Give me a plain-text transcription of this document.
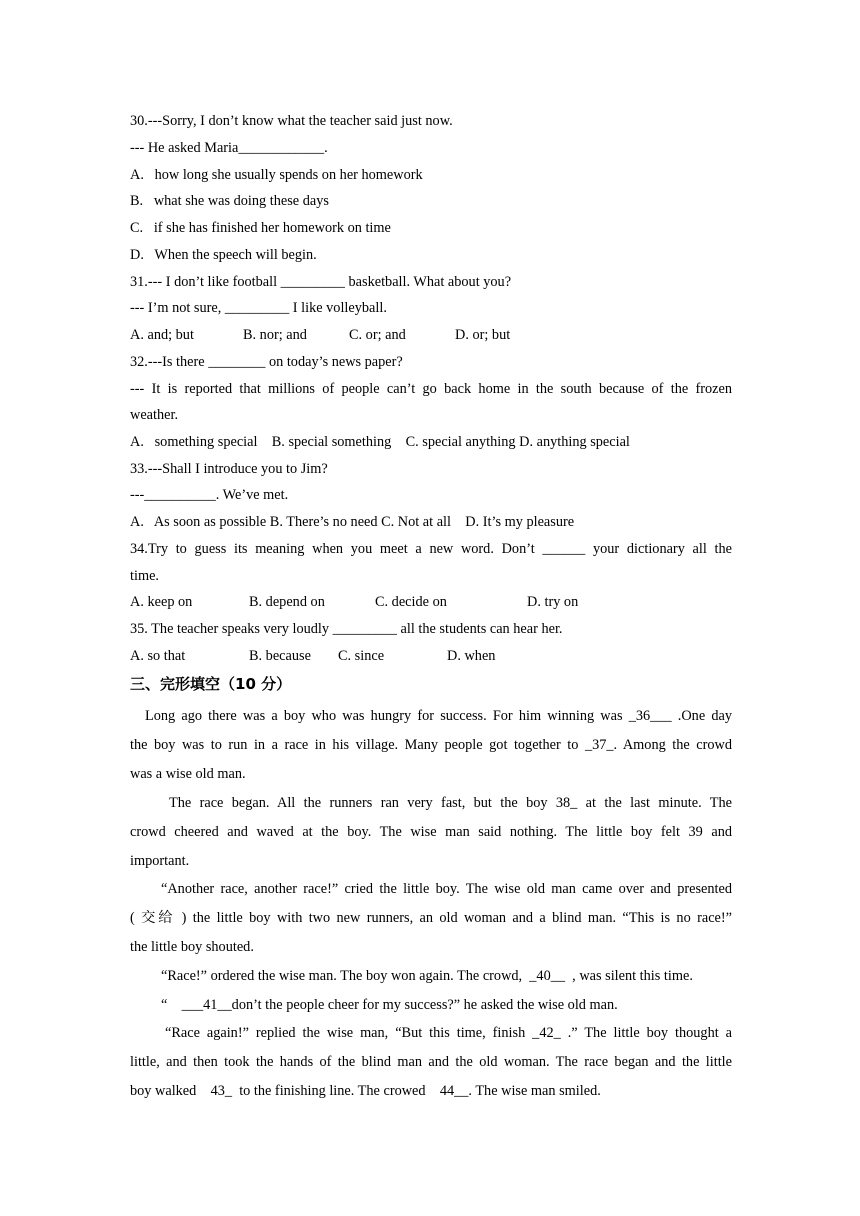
30.---Sorry, I don’t know what the teacher said just now.
--- He asked Maria____________.
A.   how long she usually spends on her homework
B.   what she was doing these days
C.   if she has finished her homework on time
D.   When the speech will begin.
31.--- I don’t like football _________ basketball. What about you?
--- I’m not sure, _________ I like volleyball.

A. and; but

	B. nor; and

	C. or; and

	D. or; but

32.---Is there ________ on today’s news paper?
--- It is reported that millions of people can’t go back home in the south because of the frozen
weather.
A.   something special    B. special something    C. special anything D. anything special
33.---Shall I introduce you to Jim?
---__________. We’ve met.
A.   As soon as possible B. There’s no need C. Not at all    D. It’s my pleasure
34.Try to guess its meaning when you meet a new word. Don’t ______ your dictionary all the
time.

A. keep on

	B. depend on

	C. decide on

	D. try on

35. The teacher speaks very loudly _________ all the students can hear her.

A. so that

	B. because

C. since

	D. when

三、完形填空（10 分）
Long ago there was a boy who was hungry for success. For him winning was _36___ .One day
the boy was to run in a race in his village. Many people got together to _37_. Among the crowd
was a wise old man.
The race began. All the runners ran very fast, but the boy 38_ at the last minute. The
crowd cheered and waved at the boy. The wise man said nothing. The little boy felt 39 and
important.
“Another race, another race!” cried the little boy. The wise old man came over and presented
( 交给 ) the little boy with two new runners, an old woman and a blind man. “This is no race!”
the little boy shouted.
“Race!” ordered the wise man. The boy won again. The crowd,  _40__  , was silent this time.
“    ___41__don’t the people cheer for my success?” he asked the wise old man.
“Race again!” replied the wise man, “But this time, finish _42_ .” The little boy thought a
little, and then took the hands of the blind man and the old woman. The race began and the little
boy walked    43_  to the finishing line. The crowed    44__. The wise man smiled.
